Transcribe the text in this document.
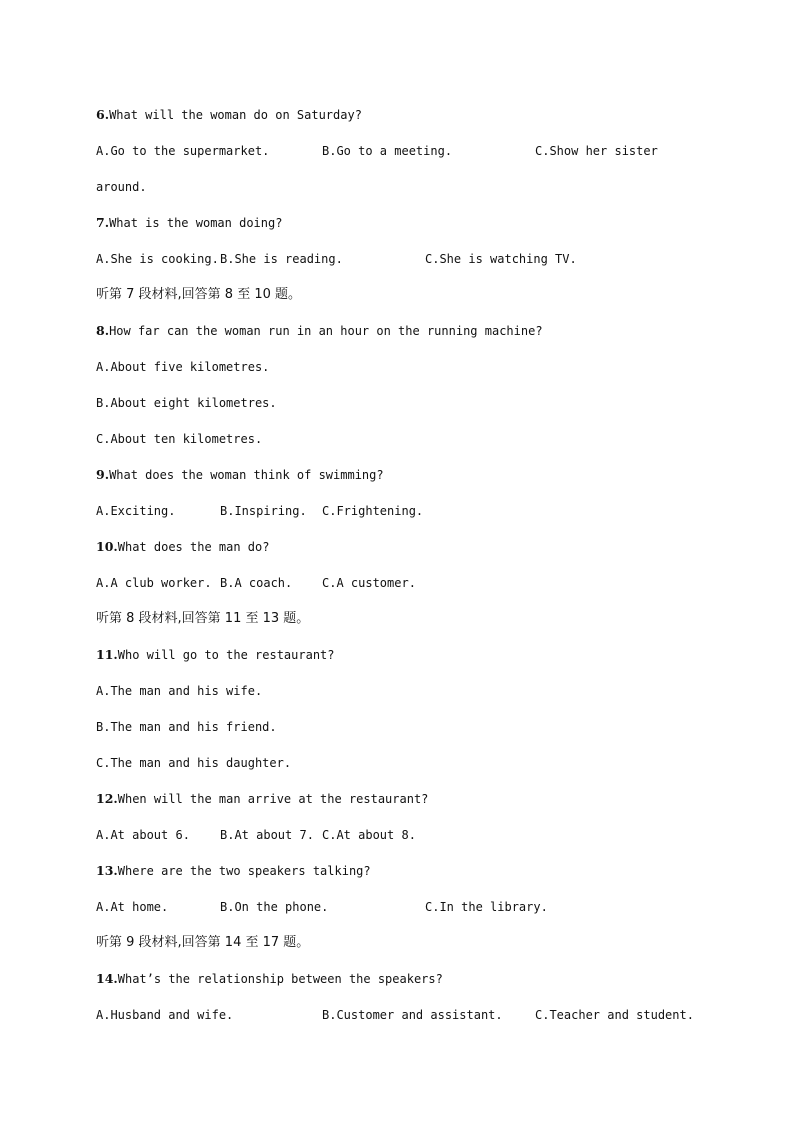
6.What will the woman do on Saturday?
A.Go to the supermarket.	B.Go to a meeting.	C.Show her sister
around.
7.What is the woman doing?
A.She is cooking. B.She is reading.	C.She is watching TV.
听第 7 段材料,回答第 8 至 10 题。
8.How far can the woman run in an hour on the running machine?
A.About five kilometres.
B.About eight kilometres.
C.About ten kilometres.
9.What does the woman think of swimming?
A.Exciting.	B.Inspiring. C.Frightening.
10.What does the man do?
A.A club worker. B.A coach. C.A customer.
听第 8 段材料,回答第 11 至 13 题。
11.Who will go to the restaurant?
A.The man and his wife.
B.The man and his friend.
C.The man and his daughter.
12.When will the man arrive at the restaurant?
A.At about 6.	B.At about 7. C.At about 8.
13.Where are the two speakers talking?
A.At home.	B.On the phone.	C.In the library.
听第 9 段材料,回答第 14 至 17 题。
14.What’s the relationship between the speakers?
A.Husband and wife.	B.Customer and assistant.	C.Teacher and student.
